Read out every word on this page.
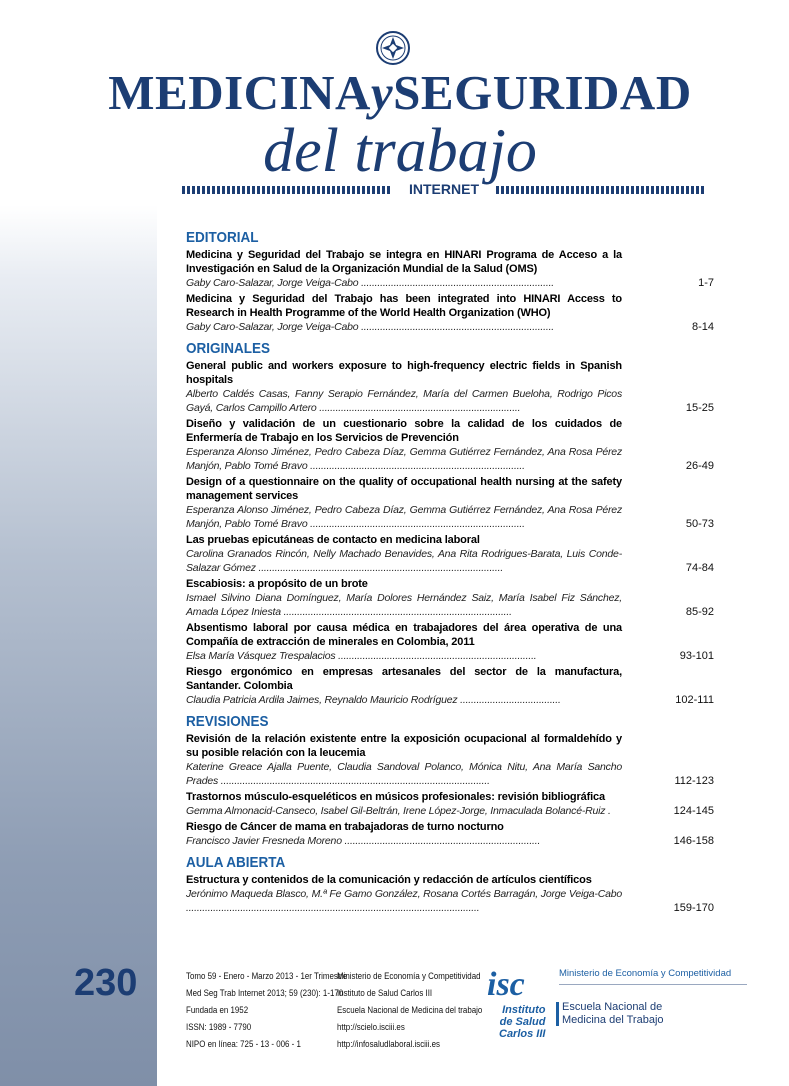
MEDICINAySEGURIDAD
del trabajo
INTERNET
EDITORIAL
Medicina y Seguridad del Trabajo se integra en HINARI Programa de Acceso a la Investigación en Salud de la Organización Mundial de la Salud (OMS)
Gaby Caro-Salazar, Jorge Veiga-Cabo .......................................................................	1-7
Medicina y Seguridad del Trabajo has been integrated into HINARI Access to Research in Health Programme of the World Health Organization (WHO)
Gaby Caro-Salazar, Jorge Veiga-Cabo .......................................................................	8-14
ORIGINALES
General public and workers exposure to high-frequency electric fields in Spanish hospitals
Alberto Caldés Casas, Fanny Serapio Fernández, María del Carmen Bueloha, Rodrigo Picos Gayá, Carlos Campillo Artero ..........................................................................	15-25
Diseño y validación de un cuestionario sobre la calidad de los cuidados de Enfermería de Trabajo en los Servicios de Prevención
Esperanza Alonso Jiménez, Pedro Cabeza Díaz, Gemma Gutiérrez Fernández, Ana Rosa Pérez Manjón, Pablo Tomé Bravo ...............................................................................	26-49
Design of a questionnaire on the quality of occupational health nursing at the safety management services
Esperanza Alonso Jiménez, Pedro Cabeza Díaz, Gemma Gutiérrez Fernández, Ana Rosa Pérez Manjón, Pablo Tomé Bravo ...............................................................................	50-73
Las pruebas epicutáneas de contacto en medicina laboral
Carolina Granados Rincón, Nelly Machado Benavides, Ana Rita Rodrigues-Barata, Luis Conde-Salazar Gómez ..........................................................................................	74-84
Escabiosis: a propósito de un brote
Ismael Silvino Diana Domínguez, María Dolores Hernández Saiz, María Isabel Fiz Sánchez, Amada López Iniesta ....................................................................................	85-92
Absentismo laboral por causa médica en trabajadores del área operativa de una Compañía de extracción de minerales en Colombia, 2011
Elsa María Vásquez Trespalacios .........................................................................	93-101
Riesgo ergonómico en empresas artesanales del sector de la manufactura, Santander. Colombia
Claudia Patricia Ardila Jaimes, Reynaldo Mauricio Rodríguez .....................................	102-111
REVISIONES
Revisión de la relación existente entre la exposición ocupacional al formaldehído y su posible relación con la leucemia
Katerine Greace Ajalla Puente, Claudia Sandoval Polanco, Mónica Nitu, Ana María Sancho Prades ...................................................................................................	112-123
Trastornos músculo-esqueléticos en músicos profesionales: revisión bibliográfica
Gemma Almonacid-Canseco, Isabel Gil-Beltrán, Irene López-Jorge, Inmaculada Bolancé-Ruiz .	124-145
Riesgo de Cáncer de mama en trabajadoras de turno nocturno
Francisco Javier Fresneda Moreno ........................................................................	146-158
AULA ABIERTA
Estructura y contenidos de la comunicación y redacción de artículos científicos
Jerónimo Maqueda Blasco, M.ª Fe Gamo González, Rosana Cortés Barragán, Jorge Veiga-Cabo ............................................................................................................	159-170
230	Tomo 59 - Enero - Marzo 2013 - 1er Trimestre
Med Seg Trab Internet 2013; 59 (230): 1-170
Fundada en 1952
ISSN: 1989 - 7790
NIPO en línea: 725 - 13 - 006 - 1
Ministerio de Economía y Competitividad
Instituto de Salud Carlos III
Escuela Nacional de Medicina del trabajo
http://scielo.isciii.es
http://infosaludlaboral.isciii.es
isc
Instituto
de Salud
Carlos III
Ministerio de Economía y Competitividad
Escuela Nacional de
Medicina del Trabajo
